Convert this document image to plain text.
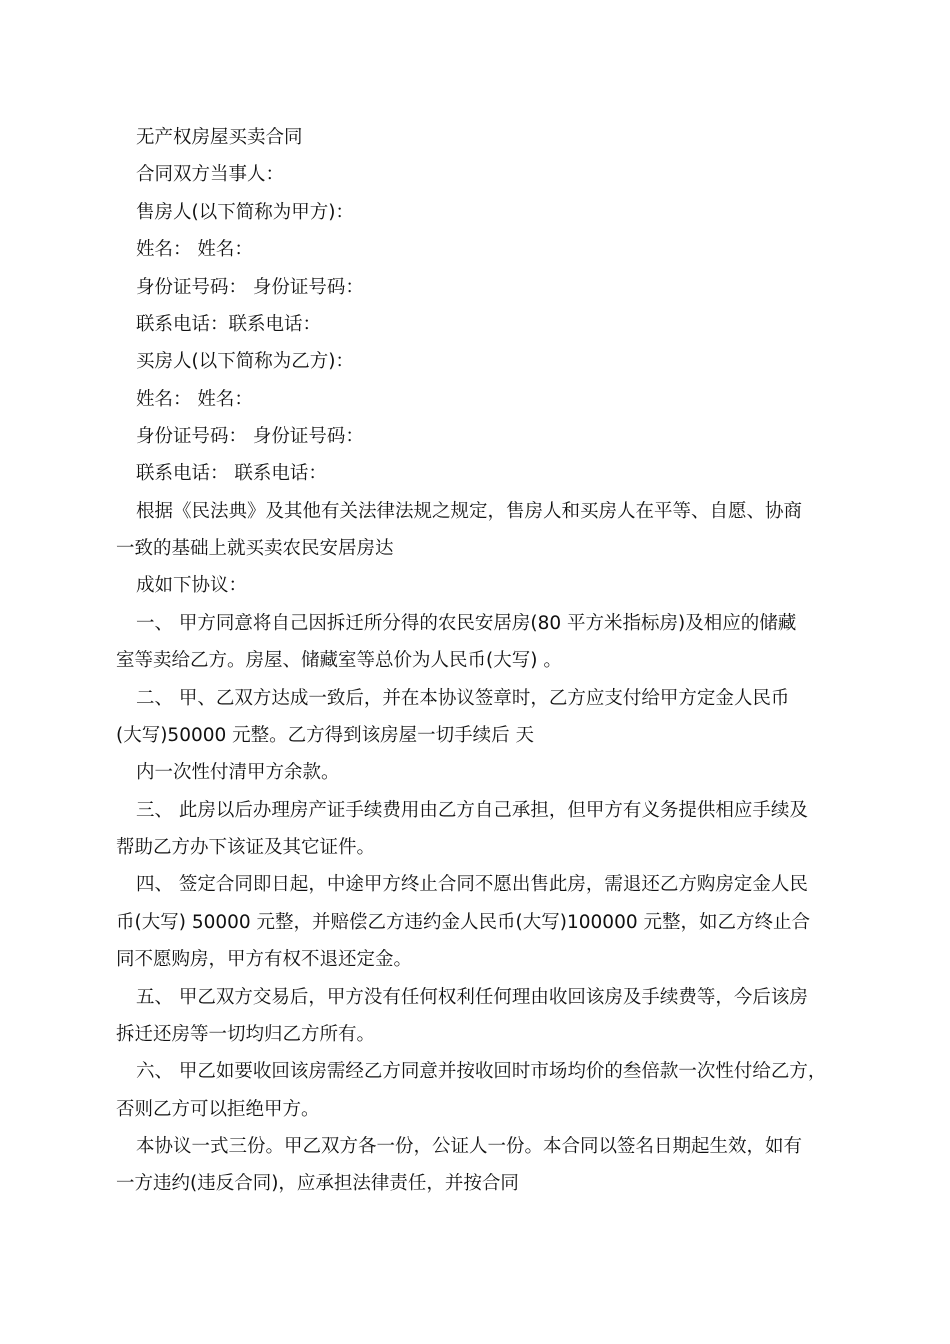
无产权房屋买卖合同
合同双方当事人：
售房人(以下简称为甲方)：
姓名： 姓名：
身份证号码： 身份证号码：
联系电话：联系电话：
买房人(以下简称为乙方)：
姓名： 姓名：
身份证号码： 身份证号码：
联系电话： 联系电话：
根据《民法典》及其他有关法律法规之规定，售房人和买房人在平等、自愿、协商
一致的基础上就买卖农民安居房达
成如下协议：
一、 甲方同意将自己因拆迁所分得的农民安居房(80 平方米指标房)及相应的储藏
室等卖给乙方。房屋、储藏室等总价为人民币(大写) 。
二、 甲、乙双方达成一致后，并在本协议签章时，乙方应支付给甲方定金人民币
(大写)50000 元整。乙方得到该房屋一切手续后 天
内一次性付清甲方余款。
三、 此房以后办理房产证手续费用由乙方自己承担，但甲方有义务提供相应手续及
帮助乙方办下该证及其它证件。
四、 签定合同即日起，中途甲方终止合同不愿出售此房，需退还乙方购房定金人民
币(大写) 50000 元整，并赔偿乙方违约金人民币(大写)100000 元整，如乙方终止合
同不愿购房，甲方有权不退还定金。
五、 甲乙双方交易后，甲方没有任何权利任何理由收回该房及手续费等，今后该房
拆迁还房等一切均归乙方所有。
六、 甲乙如要收回该房需经乙方同意并按收回时市场均价的叁倍款一次性付给乙方，
否则乙方可以拒绝甲方。
本协议一式三份。甲乙双方各一份，公证人一份。本合同以签名日期起生效，如有
一方违约(违反合同)，应承担法律责任，并按合同
